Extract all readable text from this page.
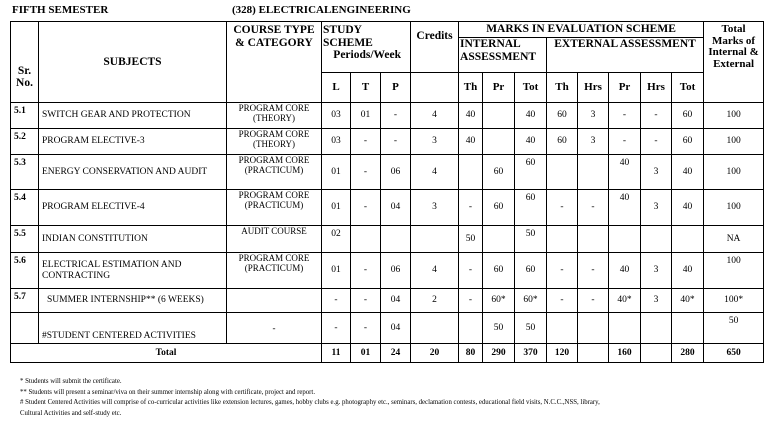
FIFTH SEMESTER	(328) ELECTRICALENGINEERING
Sr. No.	SUBJECTS	COURSE TYPE & CATEGORY	STUDY SCHEME
Periods/Week			Credits	MARKS IN EVALUATION SCHEME								Total Marks of Internal & External
							INTERNAL ASSESSMENT			EXTERNAL ASSESSMENT					
			L	T	P		Th	Pr	Tot	Th	Hrs	Pr	Hrs	Tot	
5.1	SWITCH GEAR AND PROTECTION	PROGRAM CORE (THEORY)	03	01	-	4	40		40	60	3	-	-	60	100
5.2	PROGRAM ELECTIVE-3	PROGRAM CORE (THEORY)	03	-	-	3	40		40	60	3	-	-	60	100
5.3	ENERGY CONSERVATION AND AUDIT	PROGRAM CORE (PRACTICUM)	01	-	06	4		60	60			40	3	40	100
5.4	PROGRAM ELECTIVE-4	PROGRAM CORE (PRACTICUM)	01	-	04	3	-	60	60	-	-	40	3	40	100
5.5	INDIAN CONSTITUTION	AUDIT COURSE	02				50		50						NA
5.6	ELECTRICAL ESTIMATION AND CONTRACTING	PROGRAM CORE (PRACTICUM)	01	-	06	4	-	60	60	-	-	40	3	40	100
5.7	SUMMER INTERNSHIP** (6 WEEKS)		-	-	04	2	-	60*	60*	-	-	40*	3	40*	100*
	#STUDENT CENTERED ACTIVITIES	-	-	-	04			50	50						50
Total			11	01	24	20	80	290	370	120		160		280	650
* Students will submit the certificate.
** Students will present a seminar/viva on their summer internship along with certificate, project and report.
# Student Centered Activities will comprise of co-curricular activities like extension lectures, games, hobby clubs e.g. photography etc., seminars, declamation contests, educational field visits, N.C.C.,NSS, library,
Cultural Activities and self-study etc.
